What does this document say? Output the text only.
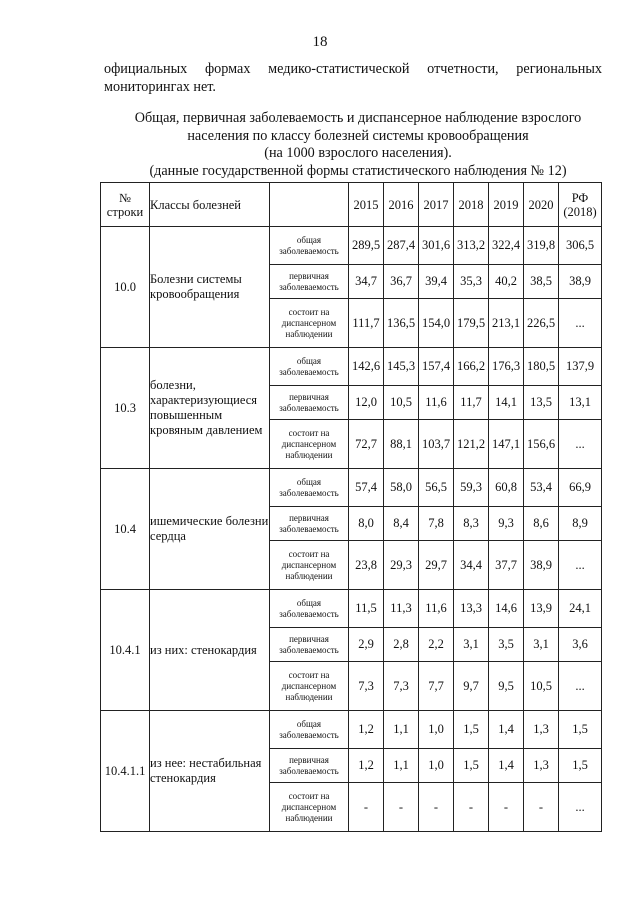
18
официальных формах медико-статистической отчетности, региональных
мониторингах нет.
Общая, первичная заболеваемость и диспансерное наблюдение взрослого
населения по классу болезней системы кровообращения
(на 1000 взрослого населения).
(данные государственной формы статистического наблюдения № 12)
№ строки	Классы болезней		2015	2016	2017	2018	2019	2020	РФ (2018)
10.0	Болезни системы кровообращения	общая заболеваемость	289,5	287,4	301,6	313,2	322,4	319,8	306,5
		первичная заболеваемость	34,7	36,7	39,4	35,3	40,2	38,5	38,9
		состоит на диспансерном наблюдении	111,7	136,5	154,0	179,5	213,1	226,5	...
10.3	болезни, характеризующиеся повышенным кровяным давлением	общая заболеваемость	142,6	145,3	157,4	166,2	176,3	180,5	137,9
		первичная заболеваемость	12,0	10,5	11,6	11,7	14,1	13,5	13,1
		состоит на диспансерном наблюдении	72,7	88,1	103,7	121,2	147,1	156,6	...
10.4	ишемические болезни сердца	общая заболеваемость	57,4	58,0	56,5	59,3	60,8	53,4	66,9
		первичная заболеваемость	8,0	8,4	7,8	8,3	9,3	8,6	8,9
		состоит на диспансерном наблюдении	23,8	29,3	29,7	34,4	37,7	38,9	...
10.4.1	из них: стенокардия	общая заболеваемость	11,5	11,3	11,6	13,3	14,6	13,9	24,1
		первичная заболеваемость	2,9	2,8	2,2	3,1	3,5	3,1	3,6
		состоит на диспансерном наблюдении	7,3	7,3	7,7	9,7	9,5	10,5	...
10.4.1.1	из нее: нестабильная стенокардия	общая заболеваемость	1,2	1,1	1,0	1,5	1,4	1,3	1,5
		первичная заболеваемость	1,2	1,1	1,0	1,5	1,4	1,3	1,5
		состоит на диспансерном наблюдении	-	-	-	-	-	-	...
